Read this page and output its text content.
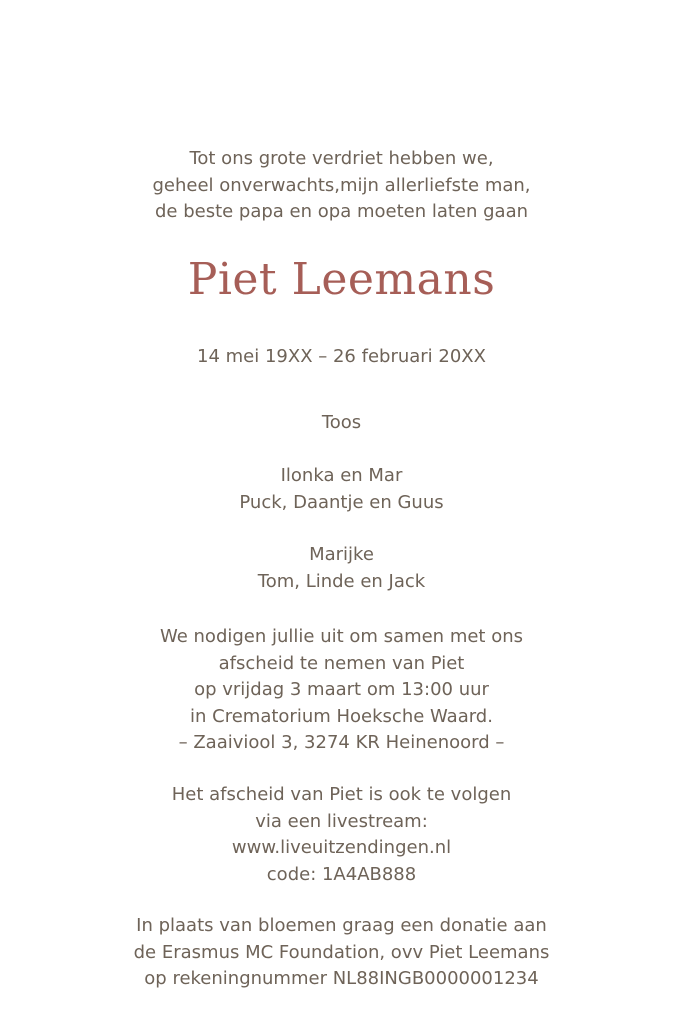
Tot ons grote verdriet hebben we,
geheel onverwachts,mijn allerliefste man,
de beste papa en opa moeten laten gaan
Piet Leemans
14 mei 19XX – 26 februari 20XX
Toos
Ilonka en Mar
Puck, Daantje en Guus
Marijke
Tom, Linde en Jack
We nodigen jullie uit om samen met ons
afscheid te nemen van Piet
op vrijdag 3 maart om 13:00 uur
in Crematorium Hoeksche Waard.
– Zaaiviool 3, 3274 KR Heinenoord –
Het afscheid van Piet is ook te volgen
via een livestream:
www.liveuitzendingen.nl
code: 1A4AB888
In plaats van bloemen graag een donatie aan
de Erasmus MC Foundation, ovv Piet Leemans
op rekeningnummer NL88INGB0000001234
